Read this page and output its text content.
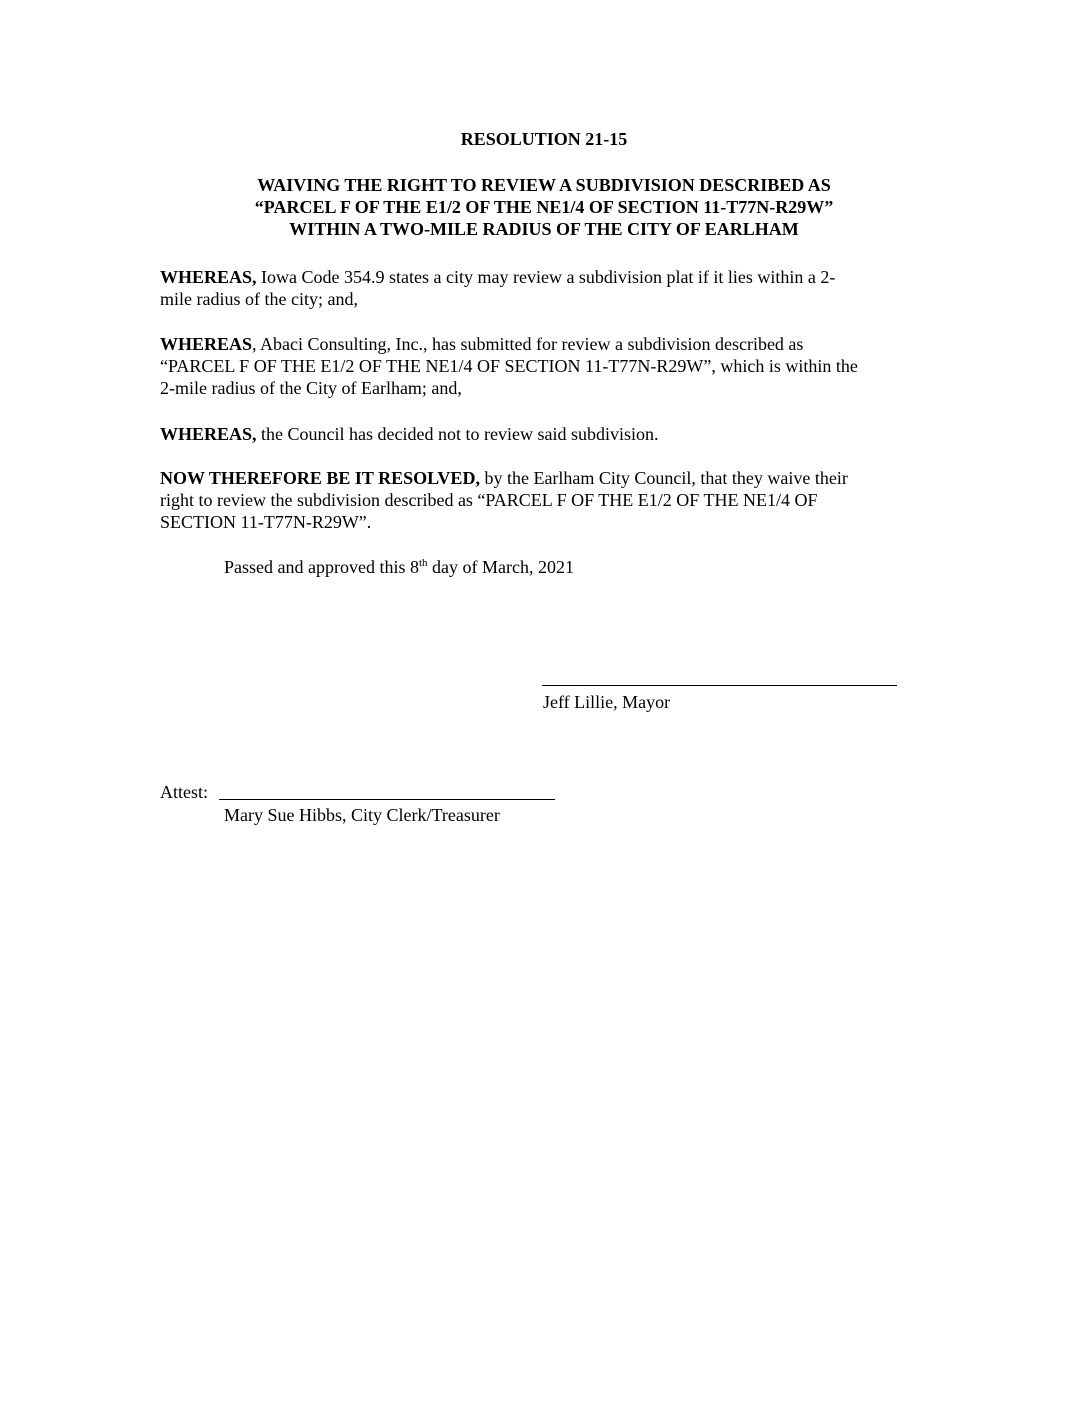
RESOLUTION 21-15
WAIVING THE RIGHT TO REVIEW A SUBDIVISION DESCRIBED AS
“PARCEL F OF THE E1/2 OF THE NE1/4 OF SECTION 11-T77N-R29W”
WITHIN A TWO-MILE RADIUS OF THE CITY OF EARLHAM
WHEREAS, Iowa Code 354.9 states a city may review a subdivision plat if it lies within a 2-
mile radius of the city; and,
WHEREAS, Abaci Consulting, Inc., has submitted for review a subdivision described as
“PARCEL F OF THE E1/2 OF THE NE1/4 OF SECTION 11-T77N-R29W”, which is within the
2-mile radius of the City of Earlham; and,
WHEREAS, the Council has decided not to review said subdivision.
NOW THEREFORE BE IT RESOLVED, by the Earlham City Council, that they waive their
right to review the subdivision described as “PARCEL F OF THE E1/2 OF THE NE1/4 OF
SECTION 11-T77N-R29W”.
Passed and approved this 8th day of March, 2021
Jeff Lillie, Mayor
Attest:
Mary Sue Hibbs, City Clerk/Treasurer
